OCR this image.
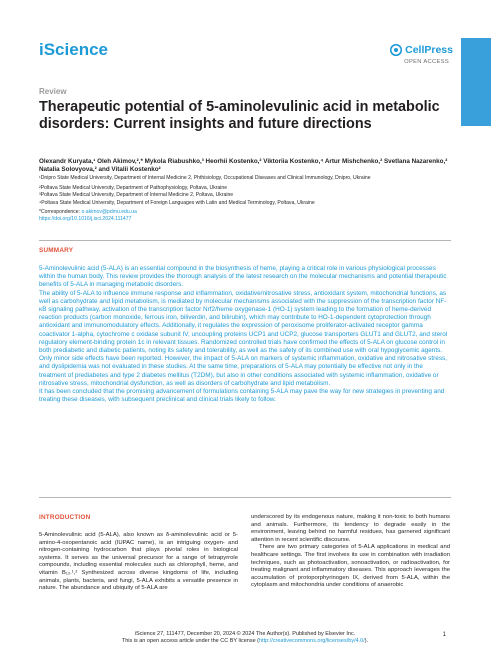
iScience	CellPress
OPEN ACCESS
Review
Therapeutic potential of 5-aminolevulinic acid in metabolic disorders: Current insights and future directions

Olexandr Kuryata,¹ Oleh Akimov,²,* Mykola Riabushko,³ Heorhii Kostenko,² Viktoriia Kostenko,⁴ Artur Mishchenko,² Svetlana Nazarenko,² Natalia Solovyova,² and Vitalii Kostenko²

¹Dnipro State Medical University, Department of Internal Medicine 2, Phthisiology, Occupational Diseases and Clinical Immunology, Dnipro, Ukraine
²Poltava State Medical University, Department of Pathophysiology, Poltava, Ukraine
³Poltava State Medical University, Department of Internal Medicine 2, Poltava, Ukraine
⁴Poltava State Medical University, Department of Foreign Languages with Latin and Medical Terminology, Poltava, Ukraine
*Correspondence: o.akimov@pdmu.edu.ua
https://doi.org/10.1016/j.isci.2024.111477
SUMMARY

5-Aminolevulinic acid (5-ALA) is an essential compound in the biosynthesis of heme, playing a critical role in various physiological processes within the human body. This review provides the thorough analysis of the latest research on the molecular mechanisms and potential therapeutic benefits of 5-ALA in managing metabolic disorders.

The ability of 5-ALA to influence immune response and inflammation, oxidative/nitrosative stress, antioxidant system, mitochondrial functions, as well as carbohydrate and lipid metabolism, is mediated by molecular mechanisms associated with the suppression of the transcription factor NF-κB signaling pathway, activation of the transcription factor Nrf2/heme oxygenase-1 (HO-1) system leading to the formation of heme-derived reaction products (carbon monoxide, ferrous iron, biliverdin, and bilirubin), which may contribute to HO-1-dependent cytoprotection through antioxidant and immunomodulatory effects. Additionally, it regulates the expression of peroxisome proliferator-activated receptor gamma coactivator 1-alpha, cytochrome c oxidase subunit IV, uncoupling proteins UCP1 and UCP2, glucose transporters GLUT1 and GLUT2, and sterol regulatory element-binding protein 1c in relevant tissues. Randomized controlled trials have confirmed the effects of 5-ALA on glucose control in both prediabetic and diabetic patients, noting its safety and tolerability, as well as the safety of its combined use with oral hypoglycemic agents. Only minor side effects have been reported. However, the impact of 5-ALA on markers of systemic inflammation, oxidative and nitrosative stress, and dyslipidemia was not evaluated in these studies. At the same time, preparations of 5-ALA may potentially be effective not only in the treatment of prediabetes and type 2 diabetes mellitus (T2DM), but also in other conditions associated with systemic inflammation, oxidative or nitrosative stress, mitochondrial dysfunction, as well as disorders of carbohydrate and lipid metabolism.

It has been concluded that the promising advancement of formulations containing 5-ALA may pave the way for new strategies in preventing and treating these diseases, with subsequent preclinical and clinical trials likely to follow.

INTRODUCTION

5-Aminolevulinic acid (5-ALA), also known as δ-aminolevulinic acid or 5-amino-4-oxopentanoic acid (IUPAC name), is an intriguing oxygen- and nitrogen-containing hydrocarbon that plays pivotal roles in biological systems. It serves as the universal precursor for a range of tetrapyrrole compounds, including essential molecules such as chlorophyll, heme, and vitamin B₁₂.¹,² Synthesized across diverse kingdoms of life, including animals, plants, bacteria, and fungi, 5-ALA exhibits a versatile presence in nature. The abundance and ubiquity of 5-ALA are

underscored by its endogenous nature, making it non-toxic to both humans and animals. Furthermore, its tendency to degrade easily in the environment, leaving behind no harmful residues, has garnered significant attention in recent scientific discourse.

There are two primary categories of 5-ALA applications in medical and healthcare settings. The first involves its use in combination with irradiation techniques, such as photoactivation, sonoactivation, or radioactivation, for treating malignant and inflammatory diseases. This approach leverages the accumulation of protoporphyrinogen IX, derived from 5-ALA, within the cytoplasm and mitochondria under conditions of anaerobic

iScience 27, 111477, December 20, 2024 © 2024 The Author(s). Published by Elsevier Inc.
This is an open access article under the CC BY license (http://creativecommons.org/licenses/by/4.0/).
1
